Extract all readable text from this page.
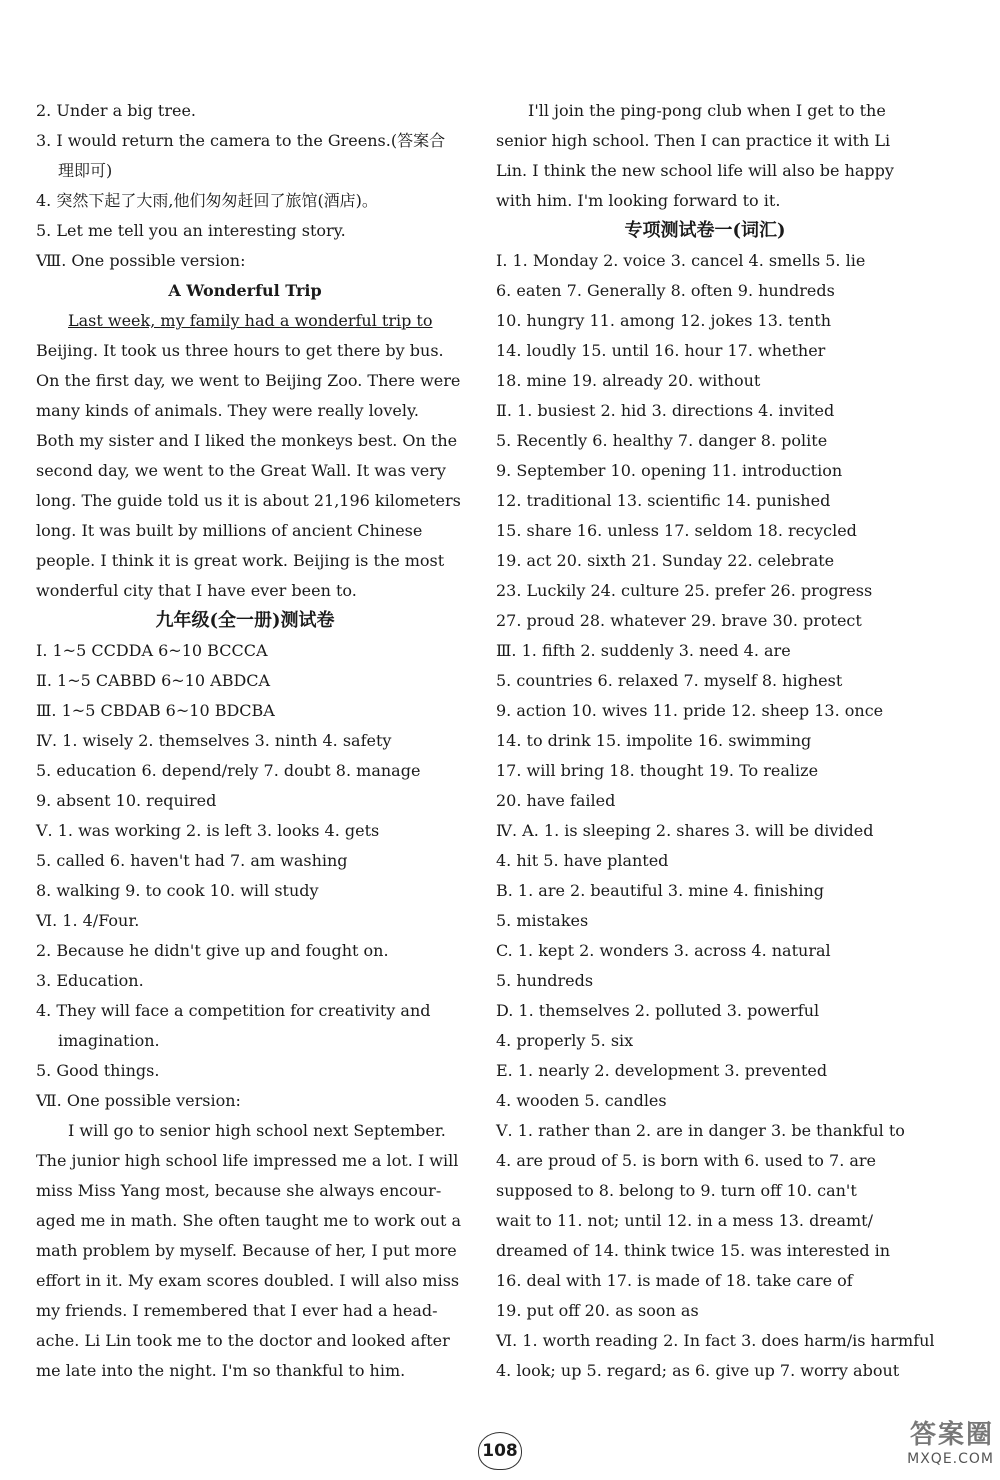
2. Under a big tree.
3. I would return the camera to the Greens.(答案合
理即可)
4. 突然下起了大雨,他们匆匆赶回了旅馆(酒店)。
5. Let me tell you an interesting story.
Ⅷ. One possible version:
A Wonderful Trip
Last week, my family had a wonderful trip to
Beijing. It took us three hours to get there by bus.
On the first day, we went to Beijing Zoo. There were
many kinds of animals. They were really lovely.
Both my sister and I liked the monkeys best. On the
second day, we went to the Great Wall. It was very
long. The guide told us it is about 21,196 kilometers
long. It was built by millions of ancient Chinese
people. I think it is great work. Beijing is the most
wonderful city that I have ever been to.
九年级(全一册)测试卷
Ⅰ. 1~5 CCDDA 6~10 BCCCA
Ⅱ. 1~5 CABBD 6~10 ABDCA
Ⅲ. 1~5 CBDAB 6~10 BDCBA
Ⅳ. 1. wisely 2. themselves 3. ninth 4. safety
5. education 6. depend/rely 7. doubt 8. manage
9. absent 10. required
Ⅴ. 1. was working 2. is left 3. looks 4. gets
5. called 6. haven't had 7. am washing
8. walking 9. to cook 10. will study
Ⅵ. 1. 4/Four.
2. Because he didn't give up and fought on.
3. Education.
4. They will face a competition for creativity and
imagination.
5. Good things.
Ⅶ. One possible version:
I will go to senior high school next September.
The junior high school life impressed me a lot. I will
miss Miss Yang most, because she always encour-
aged me in math. She often taught me to work out a
math problem by myself. Because of her, I put more
effort in it. My exam scores doubled. I will also miss
my friends. I remembered that I ever had a head-
ache. Li Lin took me to the doctor and looked after
me late into the night. I'm so thankful to him.
I'll join the ping-pong club when I get to the
senior high school. Then I can practice it with Li
Lin. I think the new school life will also be happy
with him. I'm looking forward to it.
专项测试卷一(词汇)
Ⅰ. 1. Monday 2. voice 3. cancel 4. smells 5. lie
6. eaten 7. Generally 8. often 9. hundreds
10. hungry 11. among 12. jokes 13. tenth
14. loudly 15. until 16. hour 17. whether
18. mine 19. already 20. without
Ⅱ. 1. busiest 2. hid 3. directions 4. invited
5. Recently 6. healthy 7. danger 8. polite
9. September 10. opening 11. introduction
12. traditional 13. scientific 14. punished
15. share 16. unless 17. seldom 18. recycled
19. act 20. sixth 21. Sunday 22. celebrate
23. Luckily 24. culture 25. prefer 26. progress
27. proud 28. whatever 29. brave 30. protect
Ⅲ. 1. fifth 2. suddenly 3. need 4. are
5. countries 6. relaxed 7. myself 8. highest
9. action 10. wives 11. pride 12. sheep 13. once
14. to drink 15. impolite 16. swimming
17. will bring 18. thought 19. To realize
20. have failed
Ⅳ. A. 1. is sleeping 2. shares 3. will be divided
4. hit 5. have planted
B. 1. are 2. beautiful 3. mine 4. finishing
5. mistakes
C. 1. kept 2. wonders 3. across 4. natural
5. hundreds
D. 1. themselves 2. polluted 3. powerful
4. properly 5. six
E. 1. nearly 2. development 3. prevented
4. wooden 5. candles
Ⅴ. 1. rather than 2. are in danger 3. be thankful to
4. are proud of 5. is born with 6. used to 7. are
supposed to 8. belong to 9. turn off 10. can't
wait to 11. not; until 12. in a mess 13. dreamt/
dreamed of 14. think twice 15. was interested in
16. deal with 17. is made of 18. take care of
19. put off 20. as soon as
Ⅵ. 1. worth reading 2. In fact 3. does harm/is harmful
4. look; up 5. regard; as 6. give up 7. worry about
108
答案圈
MXQE.COM
